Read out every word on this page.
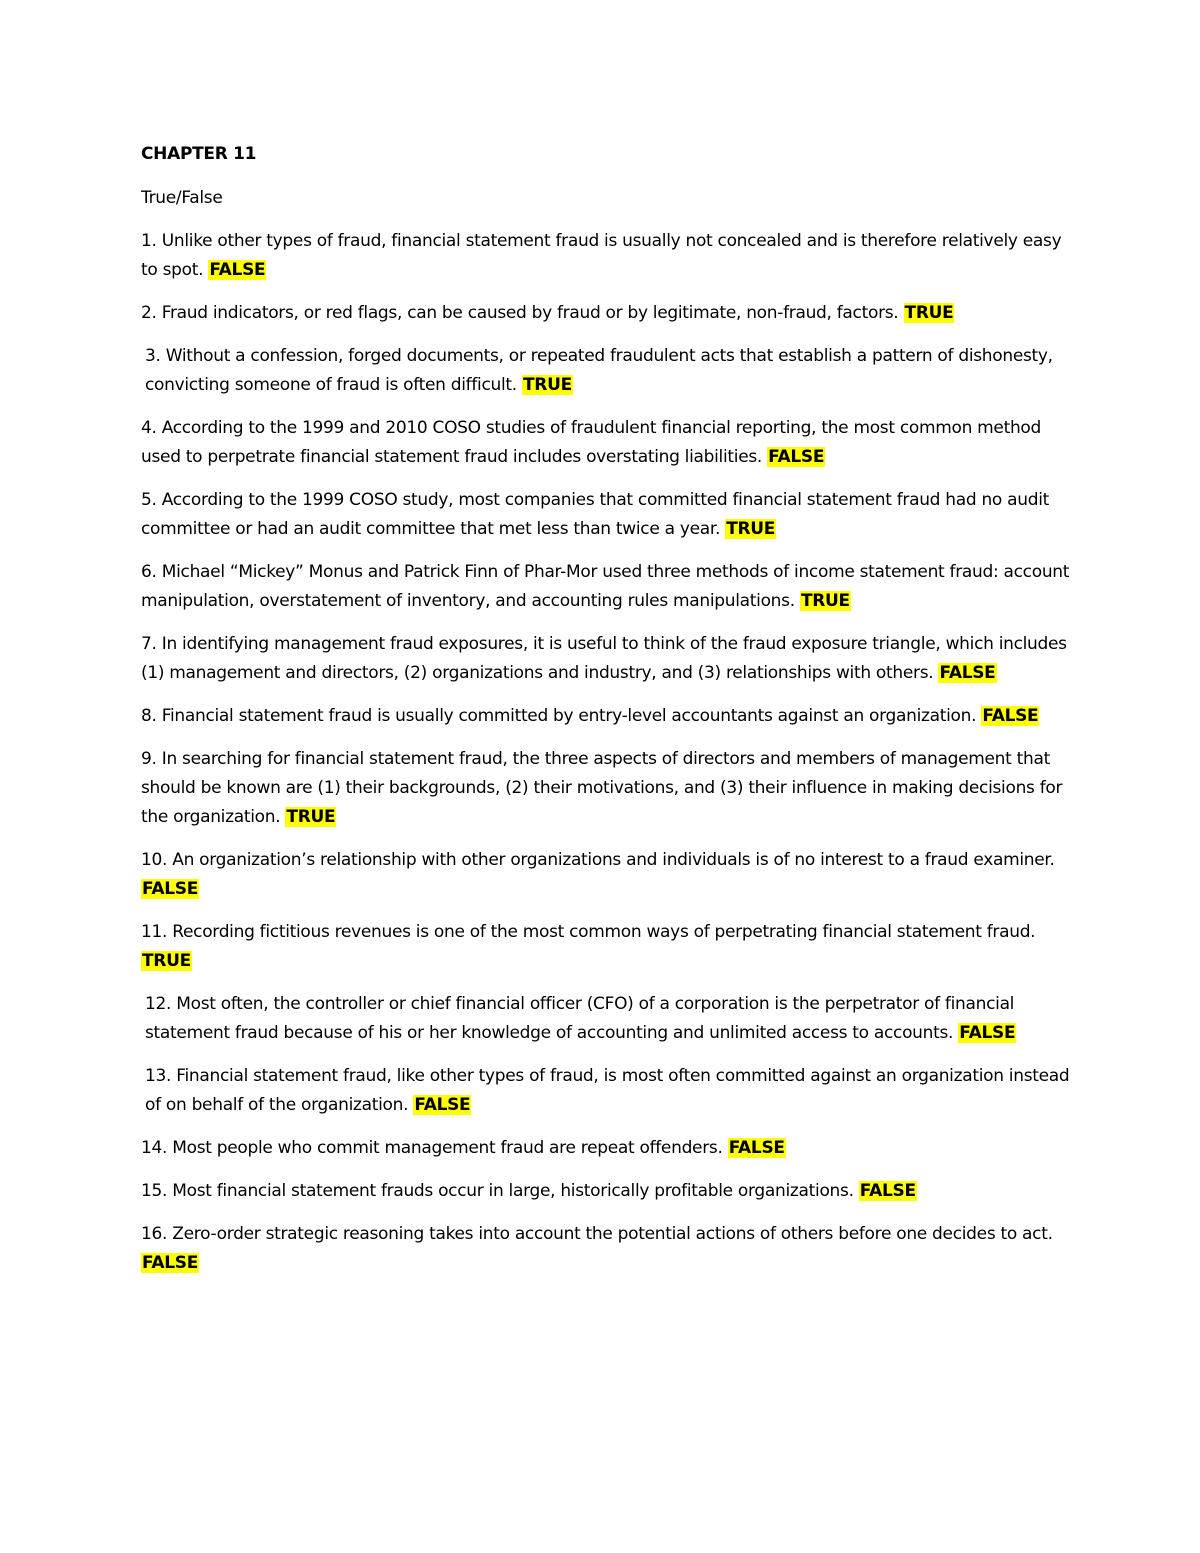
CHAPTER 11
True/False
1. Unlike other types of fraud, financial statement fraud is usually not concealed and is therefore relatively easy to spot. FALSE
2. Fraud indicators, or red flags, can be caused by fraud or by legitimate, non-fraud, factors. TRUE
3. Without a confession, forged documents, or repeated fraudulent acts that establish a pattern of dishonesty, convicting someone of fraud is often difficult. TRUE
4. According to the 1999 and 2010 COSO studies of fraudulent financial reporting, the most common method used to perpetrate financial statement fraud includes overstating liabilities. FALSE
5. According to the 1999 COSO study, most companies that committed financial statement fraud had no audit committee or had an audit committee that met less than twice a year. TRUE
6. Michael “Mickey” Monus and Patrick Finn of Phar-Mor used three methods of income statement fraud: account manipulation, overstatement of inventory, and accounting rules manipulations. TRUE
7. In identifying management fraud exposures, it is useful to think of the fraud exposure triangle, which includes (1) management and directors, (2) organizations and industry, and (3) relationships with others. FALSE
8. Financial statement fraud is usually committed by entry-level accountants against an organization. FALSE
9. In searching for financial statement fraud, the three aspects of directors and members of management that should be known are (1) their backgrounds, (2) their motivations, and (3) their influence in making decisions for the organization. TRUE
10. An organization’s relationship with other organizations and individuals is of no interest to a fraud examiner. FALSE
11. Recording fictitious revenues is one of the most common ways of perpetrating financial statement fraud. TRUE
12. Most often, the controller or chief financial officer (CFO) of a corporation is the perpetrator of financial statement fraud because of his or her knowledge of accounting and unlimited access to accounts. FALSE
13. Financial statement fraud, like other types of fraud, is most often committed against an organization instead of on behalf of the organization. FALSE
14. Most people who commit management fraud are repeat offenders. FALSE
15. Most financial statement frauds occur in large, historically profitable organizations. FALSE
16. Zero-order strategic reasoning takes into account the potential actions of others before one decides to act. FALSE
